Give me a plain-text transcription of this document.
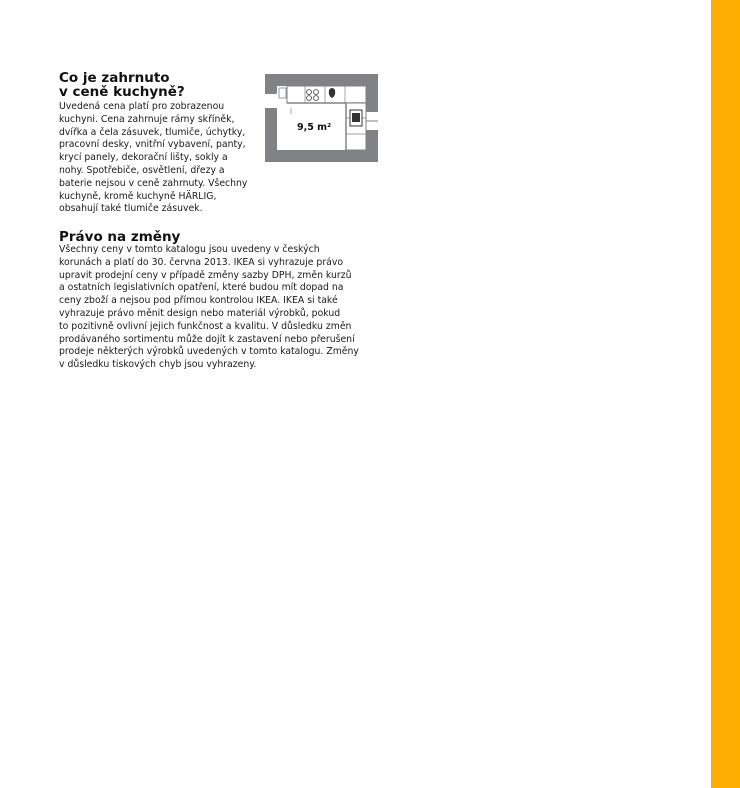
Co je zahrnuto
v ceně kuchyně?

Uvedená cena platí pro zobrazenou
kuchyni. Cena zahrnuje rámy skříněk,
dvířka a čela zásuvek, tlumiče, úchytky,
pracovní desky, vnitřní vybavení, panty,
krycí panely, dekorační lišty, sokly a
nohy. Spotřebiče, osvětlení, dřezy a
baterie nejsou v ceně zahrnuty. Všechny
kuchyně, kromě kuchyně HÄRLIG,
obsahují také tlumiče zásuvek.

9,5 m²
Právo na změny

Všechny ceny v tomto katalogu jsou uvedeny v českých
korunách a platí do 30. června 2013. IKEA si vyhrazuje právo
upravit prodejní ceny v případě změny sazby DPH, změn kurzů
a ostatních legislativních opatření, které budou mít dopad na
ceny zboží a nejsou pod přímou kontrolou IKEA. IKEA si také
vyhrazuje právo měnit design nebo materiál výrobků, pokud
to pozitivně ovlivní jejich funkčnost a kvalitu. V důsledku změn
prodávaného sortimentu může dojít k zastavení nebo přerušení
prodeje některých výrobků uvedených v tomto katalogu. Změny
v důsledku tiskových chyb jsou vyhrazeny.
